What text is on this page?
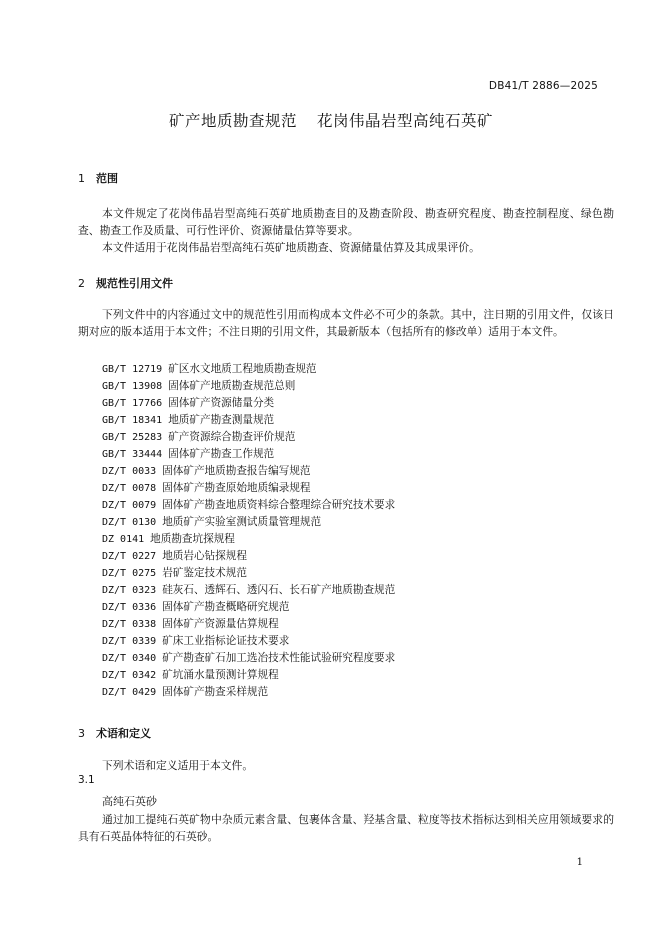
DB41/T 2886—2025
矿产地质勘查规范 花岗伟晶岩型高纯石英矿
1 范围

本文件规定了花岗伟晶岩型高纯石英矿地质勘查目的及勘查阶段、勘查研究程度、勘查控制程度、绿色勘查、勘查工作及质量、可行性评价、资源储量估算等要求。

本文件适用于花岗伟晶岩型高纯石英矿地质勘查、资源储量估算及其成果评价。

2 规范性引用文件

下列文件中的内容通过文中的规范性引用而构成本文件必不可少的条款。其中，注日期的引用文件，仅该日期对应的版本适用于本文件；不注日期的引用文件，其最新版本（包括所有的修改单）适用于本文件。

GB/T 12719 矿区水文地质工程地质勘查规范
GB/T 13908 固体矿产地质勘查规范总则
GB/T 17766 固体矿产资源储量分类
GB/T 18341 地质矿产勘查测量规范
GB/T 25283 矿产资源综合勘查评价规范
GB/T 33444 固体矿产勘查工作规范
DZ/T 0033 固体矿产地质勘查报告编写规范
DZ/T 0078 固体矿产勘查原始地质编录规程
DZ/T 0079 固体矿产勘查地质资料综合整理综合研究技术要求
DZ/T 0130 地质矿产实验室测试质量管理规范
DZ 0141 地质勘查坑探规程
DZ/T 0227 地质岩心钻探规程
DZ/T 0275 岩矿鉴定技术规范
DZ/T 0323 硅灰石、透辉石、透闪石、长石矿产地质勘查规范
DZ/T 0336 固体矿产勘查概略研究规范
DZ/T 0338 固体矿产资源量估算规程
DZ/T 0339 矿床工业指标论证技术要求
DZ/T 0340 矿产勘查矿石加工选冶技术性能试验研究程度要求
DZ/T 0342 矿坑涌水量预测计算规程
DZ/T 0429 固体矿产勘查采样规范
3 术语和定义

下列术语和定义适用于本文件。

3.1
高纯石英砂

通过加工提纯石英矿物中杂质元素含量、包裹体含量、羟基含量、粒度等技术指标达到相关应用领域要求的具有石英晶体特征的石英砂。

1
